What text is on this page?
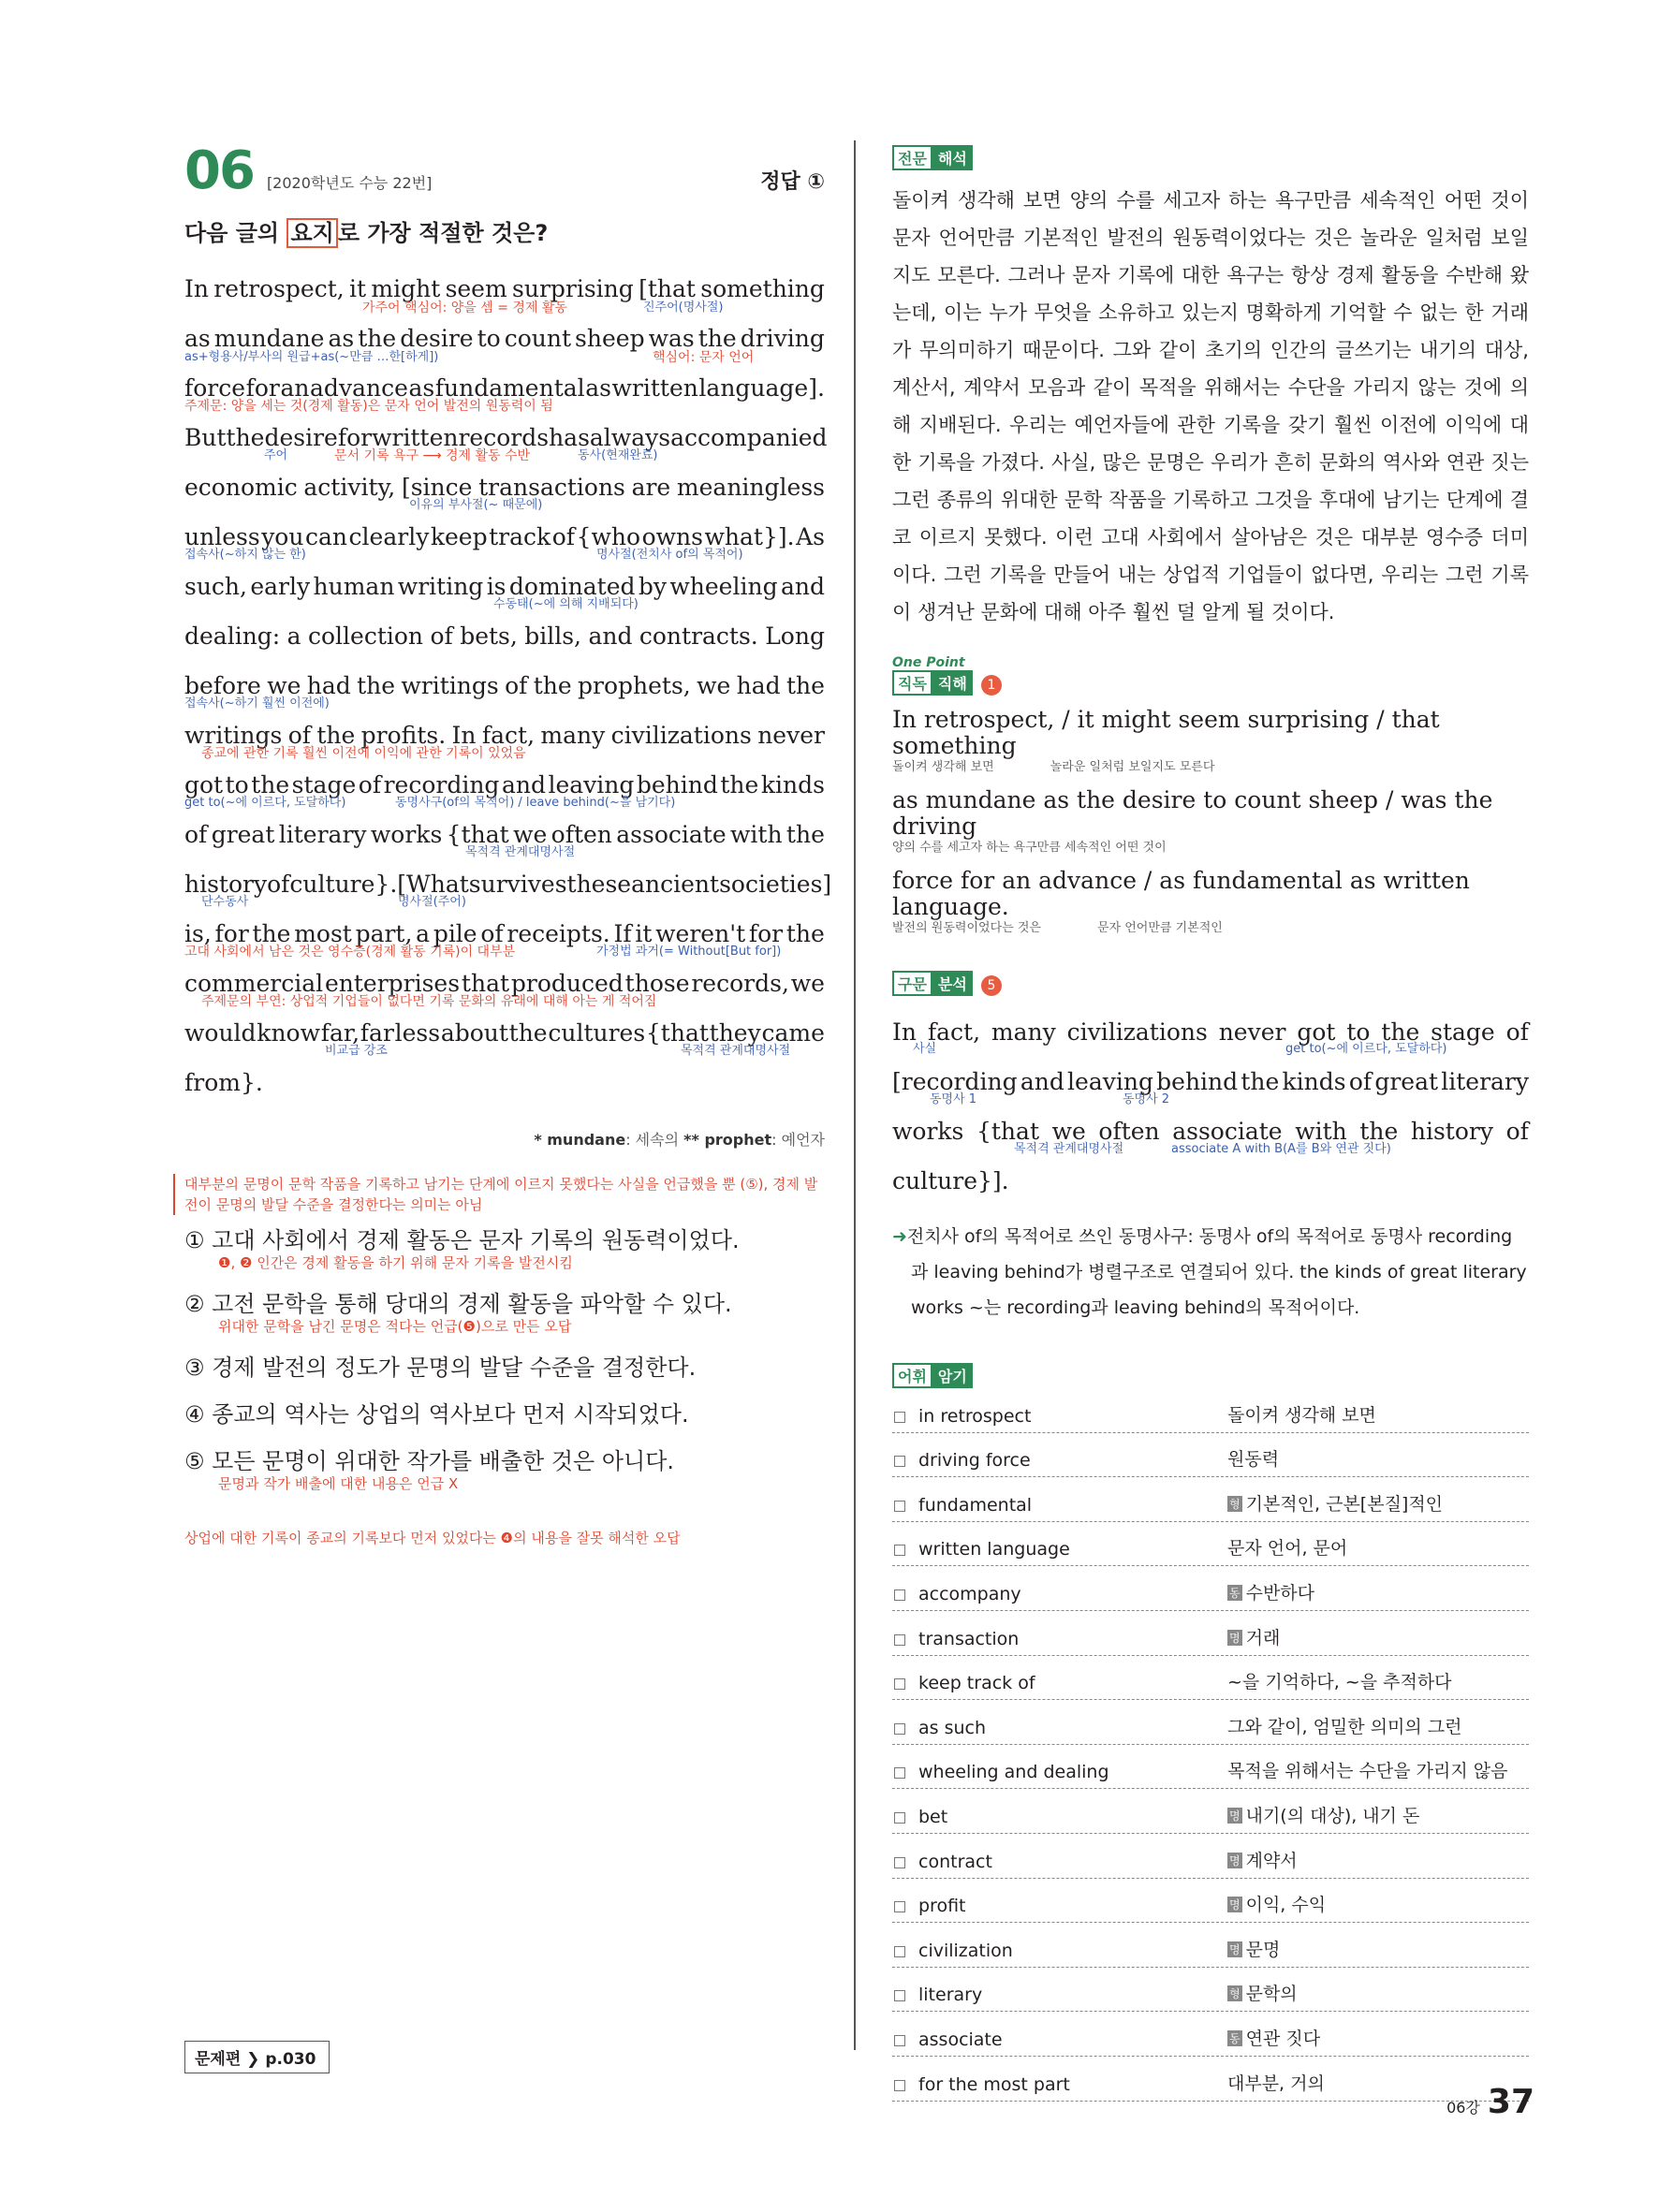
06 [2020학년도 수능 22번]	정답 ①
다음 글의 요지 로 가장 적절한 것은?
In retrospect, it might seem surprising [that something
as mundane as the desire to count sheep was the driving
force for an advance as fundamental as written language].
But the desire for written records has always accompanied
economic activity, [since transactions are meaningless
unless you can clearly keep track of {who owns what}]. As
such, early human writing is dominated by wheeling and
dealing: a collection of bets, bills, and contracts. Long
before we had the writings of the prophets, we had the
writings of the profits. In fact, many civilizations never
got to the stage of recording and leaving behind the kinds
of great literary works {that we often associate with the
history of culture}. [What survives these ancient societies]
is, for the most part, a pile of receipts. If it weren't for the
commercial enterprises that produced those records, we
would know far, far less about the cultures {that they came
from}.
가주어 핵심어: 양을 셈 = 경제 활동	진주어(명사절)
as+형용사/부사의 원급+as(~만큼 …한[하게])	핵심어: 문자 언어
주제문: 양을 세는 것(경제 활동)은 문자 언어 발전의 원동력이 됨
주어	문서 기록 욕구 ⟶ 경제 활동 수반	동사(현재완료)
이유의 부사절(~ 때문에)
접속사(~하지 않는 한)	명사절(전치사 of의 목적어)
수동태(~에 의해 지배되다)
접속사(~하기 훨씬 이전에)
종교에 관한 기록 훨씬 이전에 이익에 관한 기록이 있었음
get to(~에 이르다, 도달하다)	동명사구(of의 목적어) / leave behind(~을 남기다)
목적격 관계대명사절
단수동사	명사절(주어)
고대 사회에서 남은 것은 영수증(경제 활동 기록)이 대부분	가정법 과거(= Without[But for])
주제문의 부연: 상업적 기업들이 없다면 기록 문화의 유래에 대해 아는 게 적어짐
비교급 강조	목적격 관계대명사절
* mundane: 세속의 ** prophet: 예언자
대부분의 문명이 문학 작품을 기록하고 남기는 단계에 이르지 못했다는 사실을 언급했을 뿐 (⑤), 경제 발전이 문명의 발달 수준을 결정한다는 의미는 아님
① 고대 사회에서 경제 활동은 문자 기록의 원동력이었다.
❶, ❷ 인간은 경제 활동을 하기 위해 문자 기록을 발전시킴
② 고전 문학을 통해 당대의 경제 활동을 파악할 수 있다.
위대한 문학을 남긴 문명은 적다는 언급(❺)으로 만든 오답
③ 경제 발전의 정도가 문명의 발달 수준을 결정한다.
④ 종교의 역사는 상업의 역사보다 먼저 시작되었다.
⑤ 모든 문명이 위대한 작가를 배출한 것은 아니다.
문명과 작가 배출에 대한 내용은 언급 X
상업에 대한 기록이 종교의 기록보다 먼저 있었다는 ❹의 내용을 잘못 해석한 오답
문제편 ❯ p.030
전문 해석

돌이켜 생각해 보면 양의 수를 세고자 하는 욕구만큼 세속적인 어떤 것이 문자 언어만큼 기본적인 발전의 원동력이었다는 것은 놀라운 일처럼 보일지도 모른다. 그러나 문자 기록에 대한 욕구는 항상 경제 활동을 수반해 왔는데, 이는 누가 무엇을 소유하고 있는지 명확하게 기억할 수 없는 한 거래가 무의미하기 때문이다. 그와 같이 초기의 인간의 글쓰기는 내기의 대상, 계산서, 계약서 모음과 같이 목적을 위해서는 수단을 가리지 않는 것에 의해 지배된다. 우리는 예언자들에 관한 기록을 갖기 훨씬 이전에 이익에 대한 기록을 가졌다. 사실, 많은 문명은 우리가 흔히 문화의 역사와 연관 짓는 그런 종류의 위대한 문학 작품을 기록하고 그것을 후대에 남기는 단계에 결코 이르지 못했다. 이런 고대 사회에서 살아남은 것은 대부분 영수증 더미이다. 그런 기록을 만들어 내는 상업적 기업들이 없다면, 우리는 그런 기록이 생겨난 문화에 대해 아주 훨씬 덜 알게 될 것이다.

One Point
직독 직해 1
In retrospect, / it might seem surprising / that something
돌이켜 생각해 보면	놀라운 일처럼 보일지도 모른다
as mundane as the desire to count sheep / was the driving
양의 수를 세고자 하는 욕구만큼 세속적인 어떤 것이
force for an advance / as fundamental as written language.
발전의 원동력이었다는 것은	문자 언어만큼 기본적인
구문 분석 5
In fact, many civilizations never got to the stage of
[recording and leaving behind the kinds of great literary
works {that we often associate with the history of
culture}].
사실	get to(~에 이르다, 도달하다)
동명사 1	동명사 2
목적격 관계대명사절	associate A with B(A를 B와 연관 짓다)
➜전치사 of의 목적어로 쓰인 동명사구: 동명사 of의 목적어로 동명사 recording과 leaving behind가 병렬구조로 연결되어 있다. the kinds of great literary works ~는 recording과 leaving behind의 목적어이다.
어휘 암기
in retrospect	돌이켜 생각해 보면
driving force	원동력
fundamental	형 기본적인, 근본[본질]적인
written language	문자 언어, 문어
accompany	동 수반하다
transaction	명 거래
keep track of	~을 기억하다, ~을 추적하다
as such	그와 같이, 엄밀한 의미의 그런
wheeling and dealing	목적을 위해서는 수단을 가리지 않음
bet	명 내기(의 대상), 내기 돈
contract	명 계약서
profit	명 이익, 수익
civilization	명 문명
literary	형 문학의
associate	동 연관 짓다
for the most part	대부분, 거의
06강 37
